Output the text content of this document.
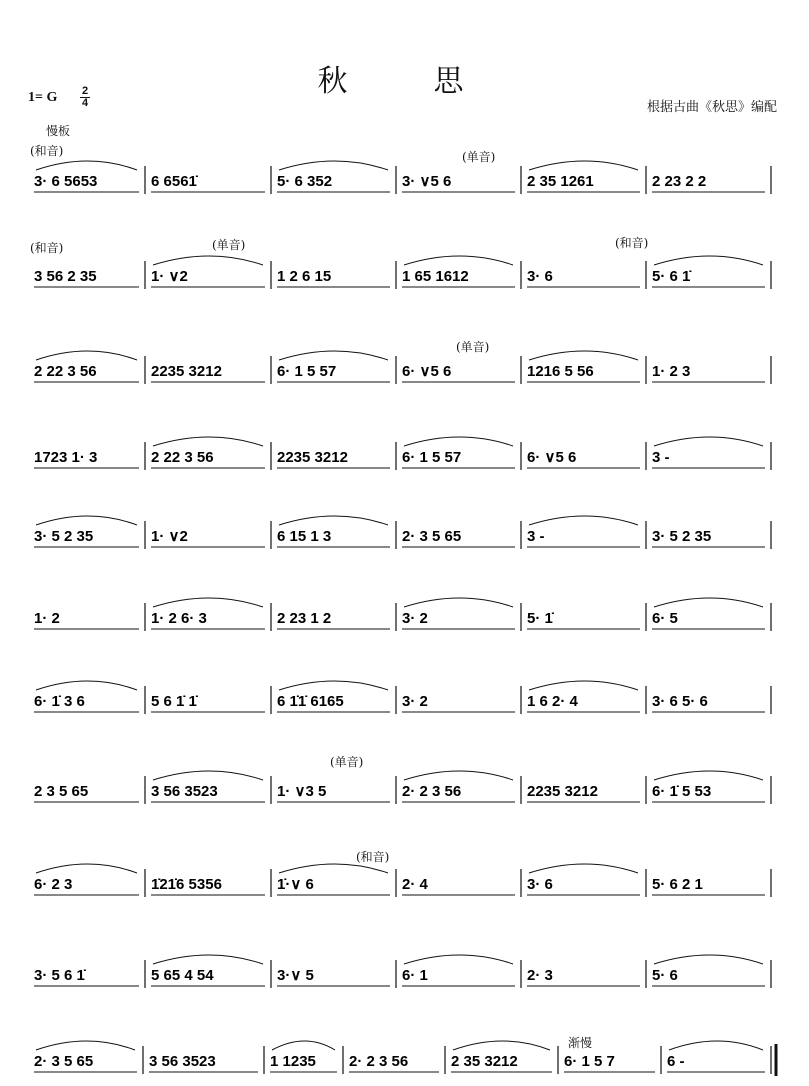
秋　思
1= G $\frac{2}{4}$	根据古曲《秋思》编配
慢板
(和音)	(单音)
(和音)	(单音)	(和音)
(单音)
(单音)
(和音)
渐慢
3· 6 5653	6 6561̇	5· 6 352	3· ∨5 6	2 35 1261	2 23 2 2
3 56 2 35	1· ∨2	1 2 6 15	1 65 1612	3· 6	5· 6 1̇
2 22 3 56	2235 3212	6· 1 5 57	6· ∨5 6	1216 5 56	1· 2 3
1723 1· 3	2 22 3 56	2235 3212	6· 1 5 57	6· ∨5 6	3 -
3· 5 2 35	1· ∨2	6 15 1 3	2· 3 5 65	3 -	3· 5 2 35
1· 2	1· 2 6· 3	2 23 1 2	3· 2	5· 1̇	6· 5
6· 1̇ 3 6	5 6 1̇ 1̇	6 1̇1̇ 6165	3· 2	1 6 2· 4	3· 6 5· 6
2 3 5 65	3 56 3523	1· ∨3 5	2· 2 3 56	2235 3212	6· 1̇ 5 53
6· 2 3	1̇21̇6 5356	1̇·∨ 6	2· 4	3· 6	5· 6 2 1
3· 5 6 1̇	5 65 4 54	3·∨ 5	6· 1	2· 3	5· 6
2· 3 5 65	3 56 3523	1 1235 2· 2 3 56	2 35 3212	6· 1 5 7	6 -
